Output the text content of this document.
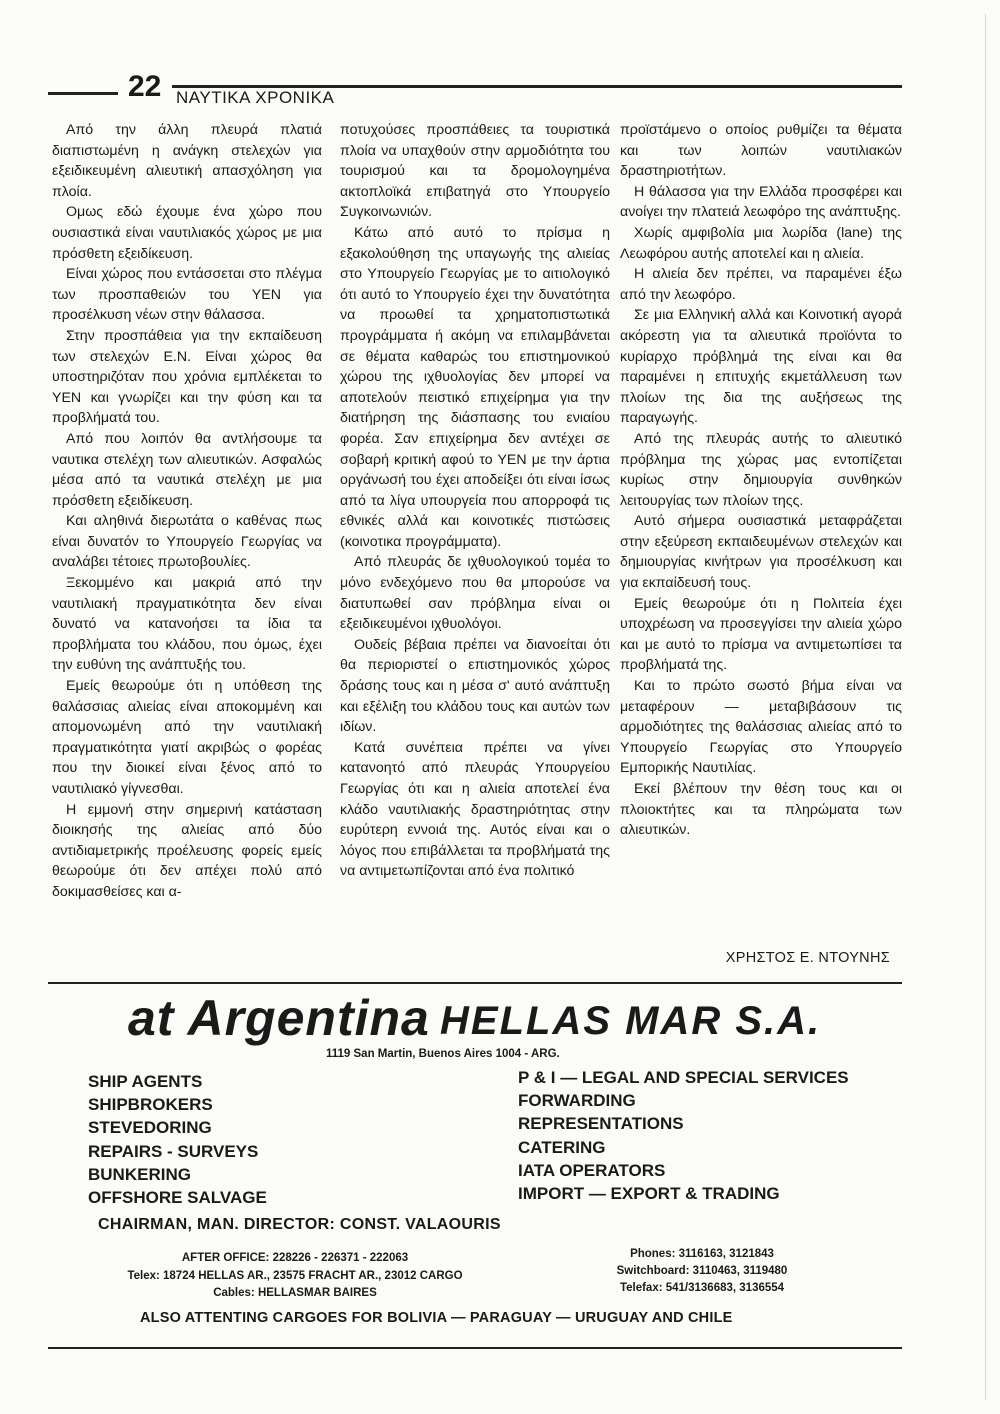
22 ΝΑΥΤΙΚΑ ΧΡΟΝΙΚΑ

Από την άλλη πλευρά πλατιά διαπιστωμένη η ανάγκη στελεχών για εξειδικευμένη αλιευτική απασχόληση για πλοία.

Ομως εδώ έχουμε ένα χώρο που ουσιαστικά είναι ναυτιλιακός χώρος με μια πρόσθετη εξειδίκευση.

Είναι χώρος που εντάσσεται στο πλέγμα των προσπαθειών του ΥΕΝ για προσέλκυση νέων στην θάλασσα.

Στην προσπάθεια για την εκπαίδευση των στελεχών Ε.Ν. Είναι χώρος θα υποστηριζόταν που χρόνια εμπλέκεται το ΥΕΝ και γνωρίζει και την φύση και τα προβλήματά του.

Από που λοιπόν θα αντλήσουμε τα ναυτικα στελέχη των αλιευτικών. Ασφαλώς μέσα από τα ναυτικά στελέχη με μια πρόσθετη εξειδίκευση.

Και αληθινά διερωτάτα ο καθένας πως είναι δυνατόν το Υπουργείο Γεωργίας να αναλάβει τέτοιες πρωτοβουλίες.

Ξεκομμένο και μακριά από την ναυτιλιακή πραγματικότητα δεν είναι δυνατό να κατανοήσει τα ίδια τα προβλήματα του κλάδου, που όμως, έχει την ευθύνη της ανάπτυξής του.

Εμείς θεωρούμε ότι η υπόθεση της θαλάσσιας αλιείας είναι αποκομμένη και απομονωμένη από την ναυτιλιακή πραγματικότητα γιατί ακριβώς ο φορέας που την διοικεί είναι ξένος από το ναυτιλιακό γίγνεσθαι.

Η εμμονή στην σημερινή κατάσταση διοικησής της αλιείας από δύο αντιδιαμετρικής προέλευσης φορείς εμείς θεωρούμε ότι δεν απέχει πολύ από δοκιμασθείσες και α-

ποτυχούσες προσπάθειες τα τουριστικά πλοία να υπαχθούν στην αρμοδιότητα του τουρισμού και τα δρομολογημένα ακτοπλοϊκά επιβατηγά στο Υπουργείο Συγκοινωνιών.

Κάτω από αυτό το πρίσμα η εξακολούθηση της υπαγωγής της αλιείας στο Υπουργείο Γεωργίας με το αιτιολογικό ότι αυτό το Υπουργείο έχει την δυνατότητα να προωθεί τα χρηματοπιστωτικά προγράμματα ή ακόμη να επιλαμβάνεται σε θέματα καθαρώς του επιστημονικού χώρου της ιχθυολογίας δεν μπορεί να αποτελούν πειστικό επιχείρημα για την διατήρηση της διάσπασης του ενιαίου φορέα. Σαν επιχείρημα δεν αντέχει σε σοβαρή κριτική αφού το ΥΕΝ με την άρτια οργάνωσή του έχει αποδείξει ότι είναι ίσως από τα λίγα υπουργεία που απορροφά τις εθνικές αλλά και κοινοτικές πιστώσεις (κοινοτικα προγράμματα).

Από πλευράς δε ιχθυολογικού τομέα το μόνο ενδεχόμενο που θα μπορούσε να διατυπωθεί σαν πρόβλημα είναι οι εξειδικευμένοι ιχθυολόγοι.

Ουδείς βέβαια πρέπει να διανοείται ότι θα περιοριστεί ο επιστημονικός χώρος δράσης τους και η μέσα σ' αυτό ανάπτυξη και εξέλιξη του κλάδου τους και αυτών των ιδίων.

Κατά συνέπεια πρέπει να γίνει κατανοητό από πλευράς Υπουργείου Γεωργίας ότι και η αλιεία αποτελεί ένα κλάδο ναυτιλιακής δραστηριότητας στην ευρύτερη εννοιά της. Αυτός είναι και ο λόγος που επιβάλλεται τα προβλήματά της να αντιμετωπίζονται από ένα πολιτικό

προϊστάμενο ο οποίος ρυθμίζει τα θέματα και των λοιπών ναυτιλιακών δραστηριοτήτων.

Η θάλασσα για την Ελλάδα προσφέρει και ανοίγει την πλατειά λεωφόρο της ανάπτυξης.

Χωρίς αμφιβολία μια λωρίδα (lane) της Λεωφόρου αυτής αποτελεί και η αλιεία.

Η αλιεία δεν πρέπει, να παραμένει έξω από την λεωφόρο.

Σε μια Ελληνική αλλά και Κοινοτική αγορά ακόρεστη για τα αλιευτικά προϊόντα το κυρίαρχο πρόβλημά της είναι και θα παραμένει η επιτυχής εκμετάλλευση των πλοίων της δια της αυξήσεως της παραγωγής.

Από της πλευράς αυτής το αλιευτικό πρόβλημα της χώρας μας εντοπίζεται κυρίως στην δημιουργία συνθηκών λειτουργίας των πλοίων τηςς.

Αυτό σήμερα ουσιαστικά μεταφράζεται στην εξεύρεση εκπαιδευμένων στελεχών και δημιουργίας κινήτρων για προσέλκυση και για εκπαίδευσή τους.

Εμείς θεωρούμε ότι η Πολιτεία έχει υποχρέωση να προσεγγίσει την αλιεία χώρο και με αυτό το πρίσμα να αντιμετωπίσει τα προβλήματά της.

Και το πρώτο σωστό βήμα είναι να μεταφέρουν — μεταβιβάσουν τις αρμοδιότητες της θαλάσσιας αλιείας από το Υπουργείο Γεωργίας στο Υπουργείο Εμπορικής Ναυτιλίας.

Εκεί βλέπουν την θέση τους και οι πλοιοκτήτες και τα πληρώματα των αλιευτικών.

ΧΡΗΣΤΟΣ Ε. ΝΤΟΥΝΗΣ
at Argentina HELLAS MAR S.A.
1119 San Martin, Buenos Aires 1004 - ARG.
SHIP AGENTS
SHIPBROKERS
STEVEDORING
REPAIRS - SURVEYS
BUNKERING
OFFSHORE SALVAGE
P & I — LEGAL AND SPECIAL SERVICES
FORWARDING
REPRESENTATIONS
CATERING
IATA OPERATORS
IMPORT — EXPORT & TRADING
CHAIRMAN, MAN. DIRECTOR: CONST. VALAOURIS
AFTER OFFICE: 228226 - 226371 - 222063
Telex: 18724 HELLAS AR., 23575 FRACHT AR., 23012 CARGO
Cables: HELLASMAR BAIRES
Phones: 3116163, 3121843
Switchboard: 3110463, 3119480
Telefax: 541/3136683, 3136554
ALSO ATTENTING CARGOES FOR BOLIVIA — PARAGUAY — URUGUAY AND CHILE
